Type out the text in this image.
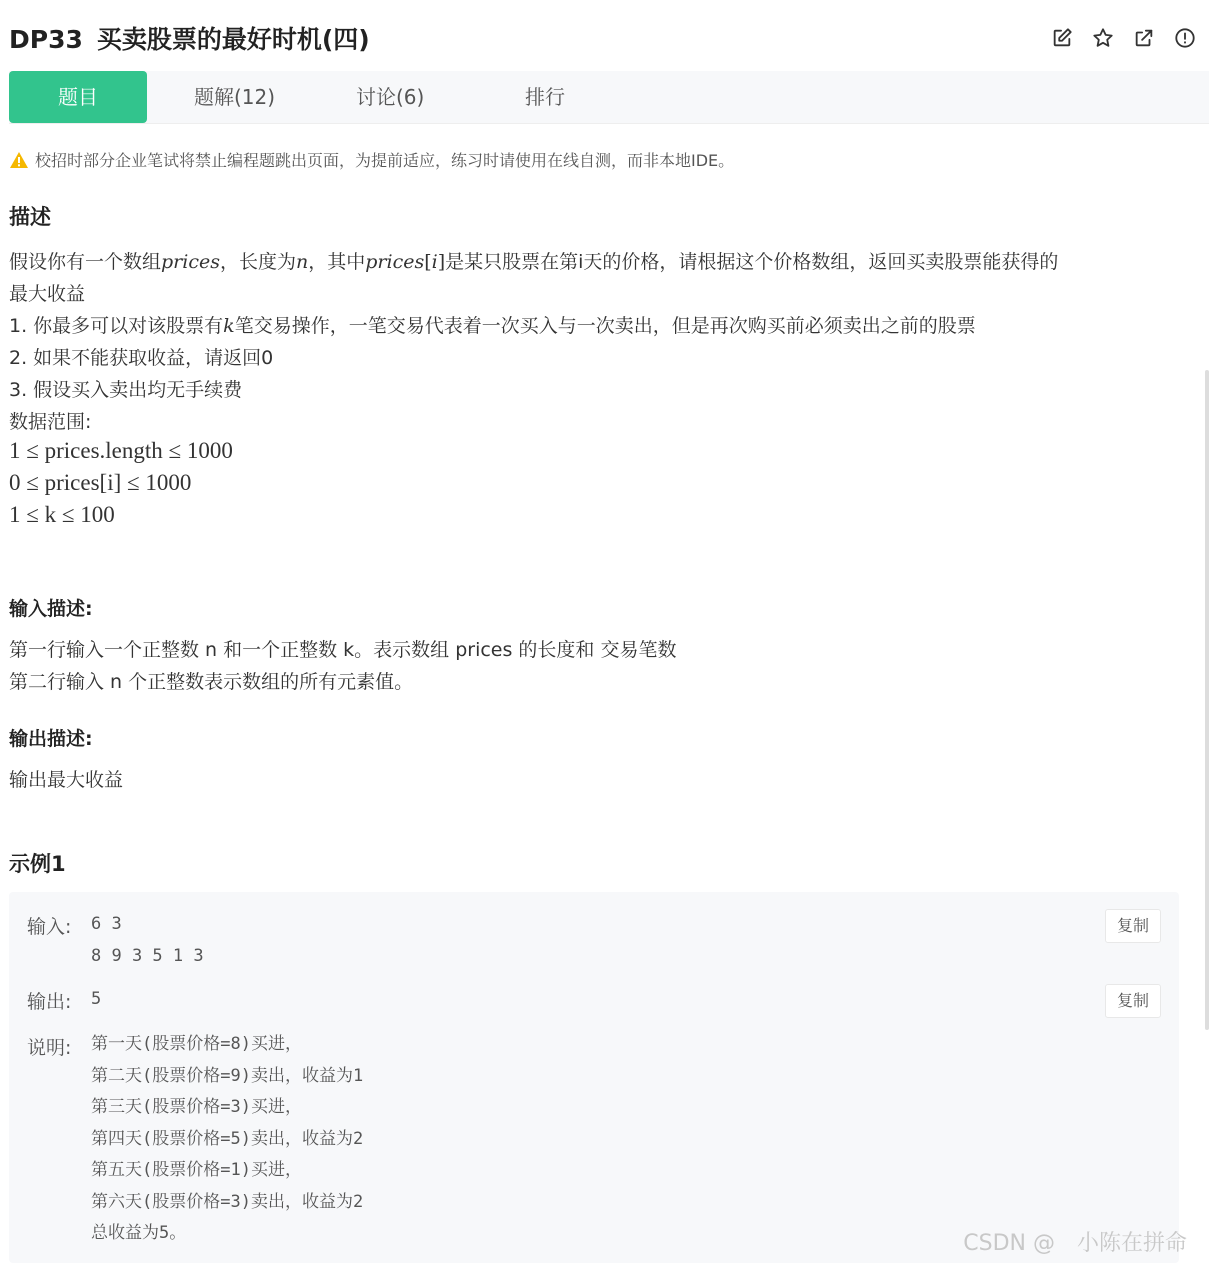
DP33 买卖股票的最好时机(四)
题目	题解(12)	讨论(6)	排行
校招时部分企业笔试将禁止编程题跳出页面，为提前适应，练习时请使用在线自测，而非本地IDE。
描述
假设你有一个数组prices，长度为n，其中prices[i]是某只股票在第i天的价格，请根据这个价格数组，返回买卖股票能获得的
最大收益
1. 你最多可以对该股票有k笔交易操作，一笔交易代表着一次买入与一次卖出，但是再次购买前必须卖出之前的股票
2. 如果不能获取收益，请返回0
3. 假设买入卖出均无手续费
数据范围:
1 ≤ prices.length ≤ 1000
0 ≤ prices[i] ≤ 1000
1 ≤ k ≤ 100
输入描述:
第一行输入一个正整数 n 和一个正整数 k。表示数组 prices 的长度和 交易笔数
第二行输入 n 个正整数表示数组的所有元素值。
输出描述:
输出最大收益
示例1
输入: 6 3
8 9 3 5 1 3
复制
输出: 5	复制
说明: 第一天(股票价格=8)买进，
第二天(股票价格=9)卖出，收益为1
第三天(股票价格=3)买进，
第四天(股票价格=5)卖出，收益为2
第五天(股票价格=1)买进，
第六天(股票价格=3)卖出，收益为2
总收益为5。	CSDN @　小陈在拼命
